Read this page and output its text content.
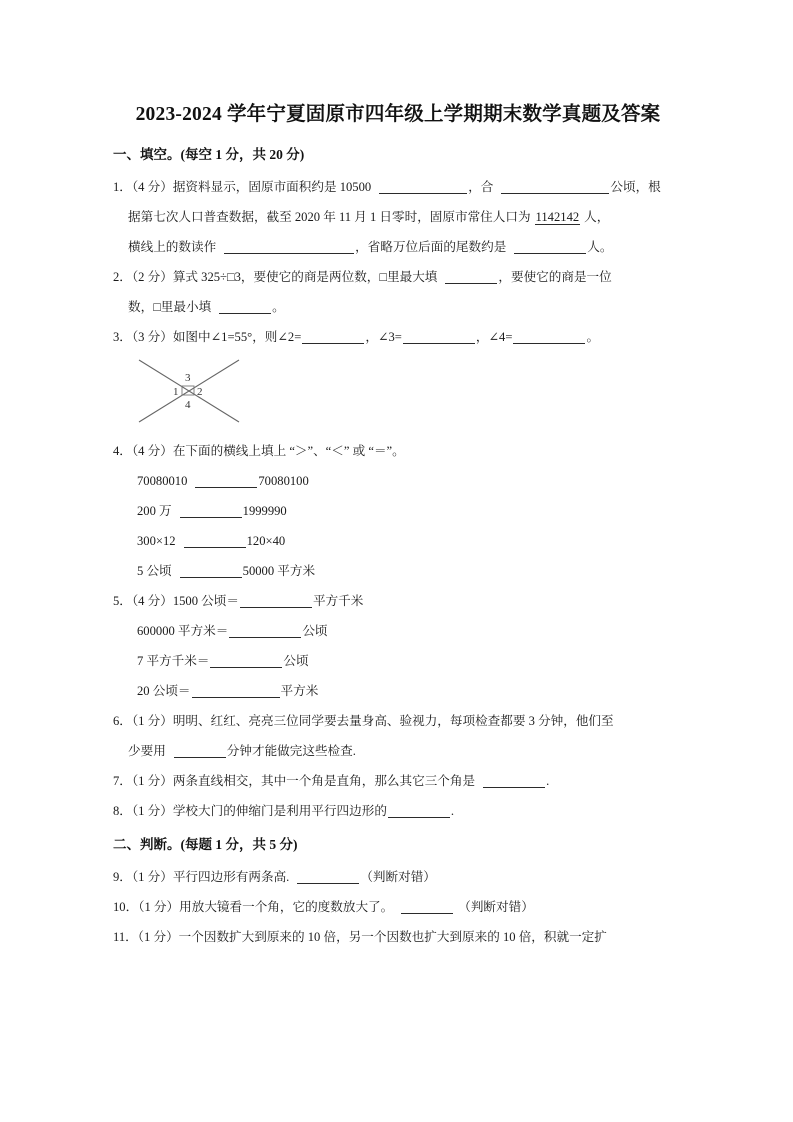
2023-2024 学年宁夏固原市四年级上学期期末数学真题及答案
一、填空。(每空 1 分，共 20 分)
1．（4 分）据资料显示，固原市面积约是 10500	，合	公顷，根
据第七次人口普查数据，截至 2020 年 11 月 1 日零时，固原市常住人口为 1142142 人，
横线上的数读作	，省略万位后面的尾数约是	人。
2．（2 分）算式 325÷□3，要使它的商是两位数，□里最大填	，要使它的商是一位
数，□里最小填	。
3．（3 分）如图中∠1=55°，则∠2=	，∠3=	，∠4=	。
1 2
3
4
4．（4 分）在下面的横线上填上 “＞”、“＜” 或 “＝”。
70080010	70080100
200 万	1999990
300×12	120×40
5 公顷	50000 平方米
5．（4 分）1500 公顷＝	平方千米
600000 平方米＝	公顷
7 平方千米＝	公顷
20 公顷＝	平方米
6．（1 分）明明、红红、亮亮三位同学要去量身高、验视力，每项检查都要 3 分钟，他们至
少要用	分钟才能做完这些检查.
7．（1 分）两条直线相交，其中一个角是直角，那么其它三个角是	.
8．（1 分）学校大门的伸缩门是利用平行四边形的	.
二、判断。(每题 1 分，共 5 分)
9．（1 分）平行四边形有两条高.	（判断对错）
10．（1 分）用放大镜看一个角，它的度数放大了。	（判断对错）
11．（1 分）一个因数扩大到原来的 10 倍，另一个因数也扩大到原来的 10 倍，积就一定扩
